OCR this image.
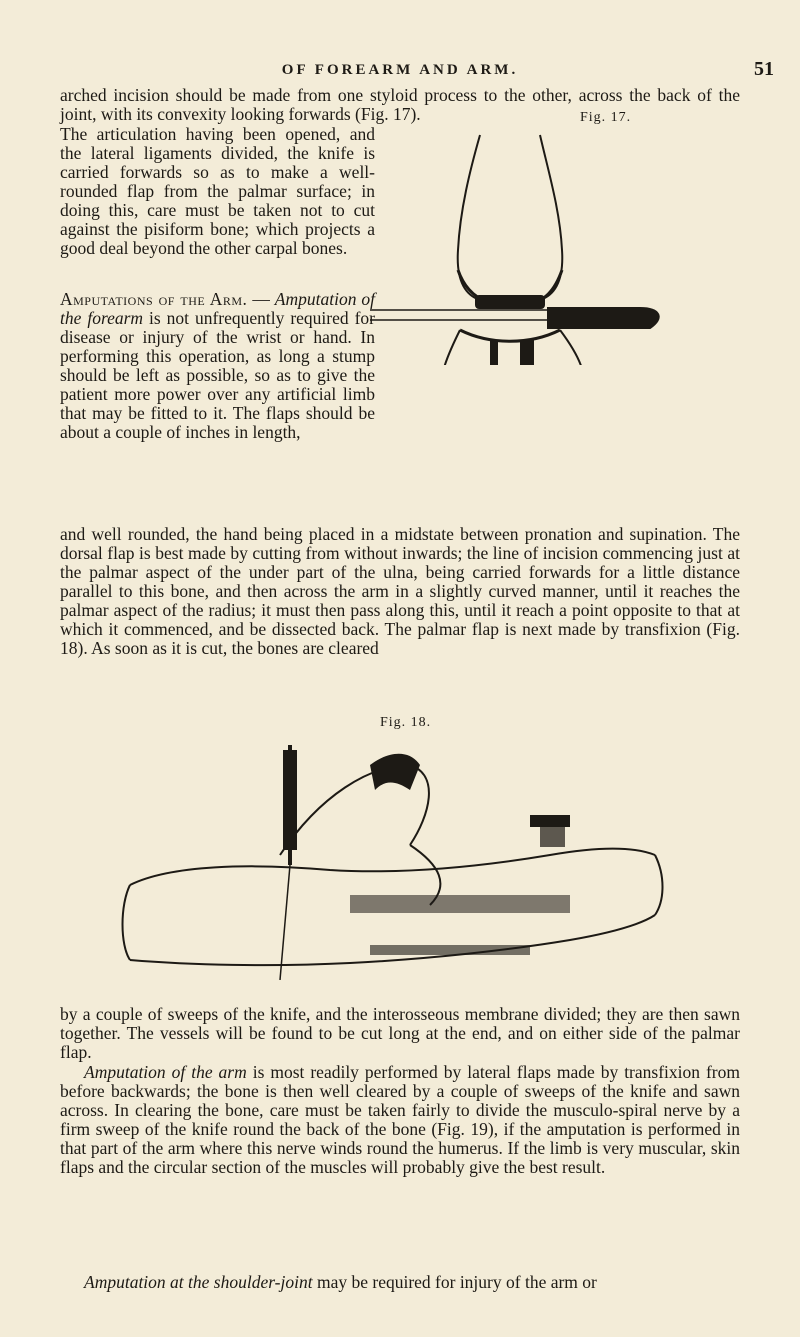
OF FOREARM AND ARM.	51

arched incision should be made from one styloid process to the other, across the back of the joint, with its convexity looking forwards (Fig. 17).

The articulation having been opened, and the lateral ligaments divided, the knife is carried forwards so as to make a well-rounded flap from the palmar surface; in doing this, care must be taken not to cut against the pisiform bone; which projects a good deal beyond the other carpal bones.

Amputations of the Arm. — Amputation of the forearm is not unfrequently required for disease or injury of the wrist or hand. In performing this operation, as long a stump should be left as possible, so as to give the patient more power over any artificial limb that may be fitted to it. The flaps should be about a couple of inches in length,

Fig. 17.

and well rounded, the hand being placed in a midstate between pronation and supination. The dorsal flap is best made by cutting from without inwards; the line of incision commencing just at the palmar aspect of the under part of the ulna, being carried forwards for a little distance parallel to this bone, and then across the arm in a slightly curved manner, until it reaches the palmar aspect of the radius; it must then pass along this, until it reach a point opposite to that at which it commenced, and be dissected back. The palmar flap is next made by transfixion (Fig. 18). As soon as it is cut, the bones are cleared

Fig. 18.

by a couple of sweeps of the knife, and the interosseous membrane divided; they are then sawn together. The vessels will be found to be cut long at the end, and on either side of the palmar flap.

Amputation of the arm is most readily performed by lateral flaps made by transfixion from before backwards; the bone is then well cleared by a couple of sweeps of the knife and sawn across. In clearing the bone, care must be taken fairly to divide the musculo-spiral nerve by a firm sweep of the knife round the back of the bone (Fig. 19), if the amputation is performed in that part of the arm where this nerve winds round the humerus. If the limb is very muscular, skin flaps and the circular section of the muscles will probably give the best result.

Amputation at the shoulder-joint may be required for injury of the arm or
